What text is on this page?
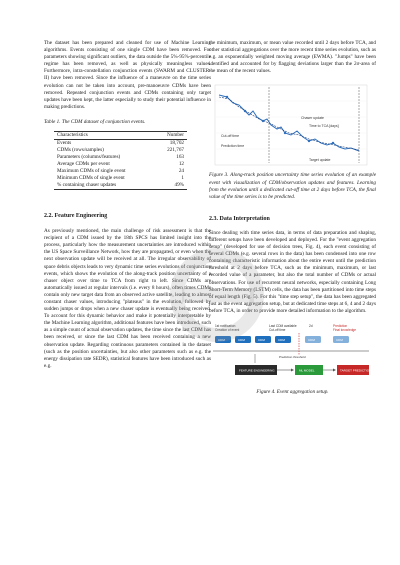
The dataset has been prepared and cleaned for use of Machine Learning algorithms. Events consisting of one single CDM have been removed. For parameters showing significant outliers, the data outside the 5%-95%-percentile regime has been removed, as well as physically meaningless values. Furthermore, intra-constellation conjunction events (SWARM and CLUSTER-II) have been removed. Since the influence of a maneuvre on the time series evolution can not be taken into account, pre-manoeuvre CDMs have been removed. Repeated conjunction events and CDMs containing only target updates have been kept, the latter especially to study their potential influence in making predictions.

Table 1. The CDM dataset of conjunction events.

Characteristics	Number
Events	18,702
CDMs (rows/samples)	221,767
Parameters (columns/features)	163
Average CDMs per event	12
Maximum CDMs of single event	24
Minimum CDMs of single event	1
% containing chaser updates	49%
2.2. Feature Engineering

As previously mentioned, the main challenge of risk assessment is that the recipient of a CDM issued by the 18th SPCS has limited insight into the process, particularly how the measurement uncertainties are introduced within the US Space Surveillance Network, how they are propagated, or even when the next observation update will be received at all. The irregular observability of space debris objects leads to very dynamic time series evolutions of conjunction events, which shows the evolution of the along-track position uncertainty of a chaser object over time to TCA from right to left. Since CDMs are automatically issued at regular intervals (i.e. every 8 hours), often times CDMs contain only new target data from an observed active satellite, leading to almost constant chaser values, introducing "plateaus" in the evolution, followed by sudden jumps or drops when a new chaser update is eventually being received. To account for this dynamic behavior and make it potentially interpretable by the Machine Learning algorithm, additional features have been introduced, such as a simple count of actual observation updates, the time since the last CDM has been received, or since the last CDM has been received containing a new observation update. Regarding continuous parameters contained in the dataset (such as the position uncertainties, but also other parameters such as e.g. the energy dissipation rate SEDR), statistical features have been introduced such as e.g.

the minimum, maximum, or mean value recorded until 2 days before TCA, and other statistical aggregations over the more recent time series evolution, such as e.g. an exponentially weighted moving average (EWMA). "Jumps" have been identified and accounted for by flagging deviations larger than the 2σ-area of the mean of the recent values.

Cut-off time
Prediction time
Chaser update
Time to TCA [days]
Target update

Figure 3. Along-track position uncertainty time series evolution of an example event with visualization of CDM/observation updates and features. Learning from the evolution until a dedicated cut-off time at 2 days before TCA, the final value of the time series is to be predicted.

2.3. Data Interpretation

Since dealing with time series data, in terms of data preparation and shaping, different setups have been developed and deployed. For the "event aggregation setup" (developed for use of decision trees, Fig. 4), each event consisting of several CDMs (e.g. several rows in the data) has been condensed into one row containing characteristic information about the entire event until the prediction threshold at 2 days before TCA, such as the minimum, maximum, or last recorded value of a parameter, but also the total number of CDMs or actual observations. For use of recurrent neural networks, especially containing Long Short-Term Memory (LSTM) cells, the data has been partitioned into time steps of equal length (Fig. 5). For this "time step setup", the data has been aggregated just as the event aggregation setup, but at dedicated time steps at 6, 4 and 2 days before TCA, in order to provide more detailed information to the algorithm.

1st notification
Creation of event
Last CDM available
Cut-off time
2d	Prediction
Final knowledge
CDM	CDM	CDM	CDM	CDM	CDM
Prediction threshold
FEATURE ENGINEERING	ML MODEL	TARGET PREDICTION

Figure 4. Event aggregation setup.
